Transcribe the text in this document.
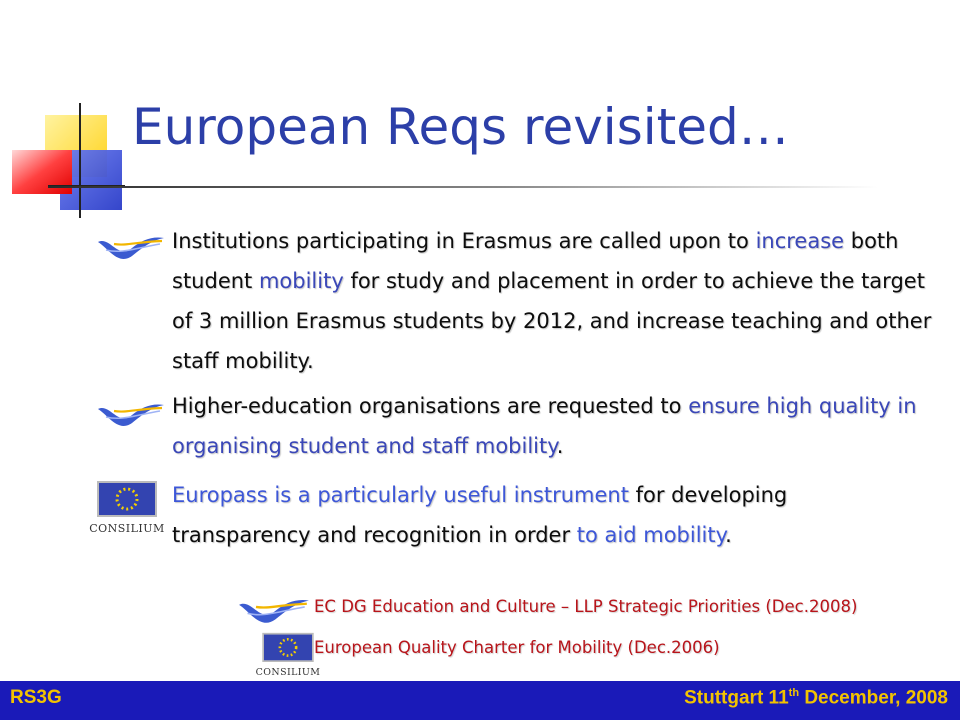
European Reqs revisited…
CONSILIUM
Institutions participating in Erasmus are called upon to increase both student mobility for study and placement in order to achieve the target of 3 million Erasmus students by 2012, and increase teaching and other staff mobility.
Higher-education organisations are requested to ensure high quality in organising student and staff mobility.
Europass is a particularly useful instrument for developing transparency and recognition in order to aid mobility.
EC DG Education and Culture – LLP Strategic Priorities (Dec.2008)
CONSILIUM
European Quality Charter for Mobility (Dec.2006)
RS3G	Stuttgart 11th December, 2008
